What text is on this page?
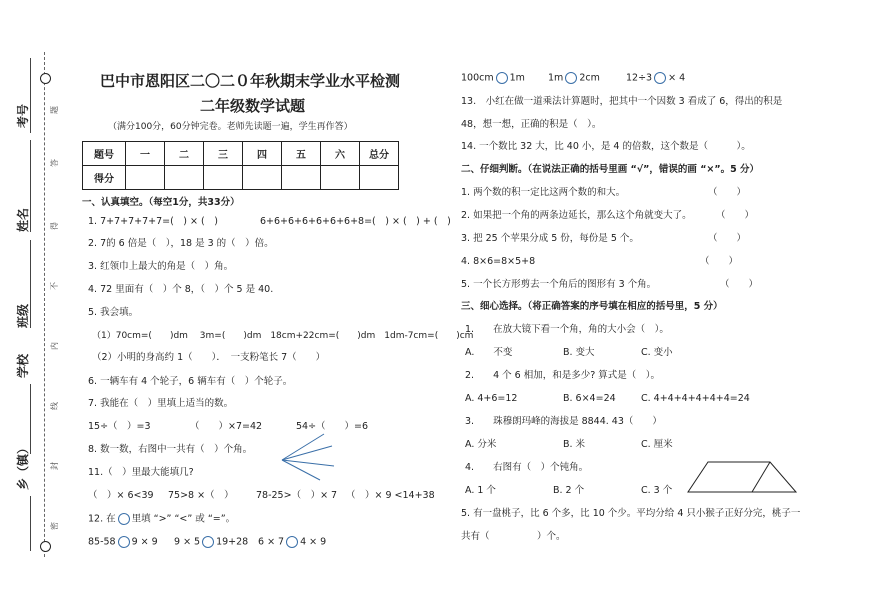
考号
姓名
班级
学校
乡（镇）
题
答
得
不
内
线
封
密
巴中市恩阳区二〇二０年秋期末学业水平检测
二年级数学试题
（满分100分，60分钟完卷。老师先读题一遍，学生再作答）
题号	一	二	三	四	五	六	总分
得分							
一、认真填空。（每空1分，共33分）
1. 7+7+7+7+7=(　) × (　)	6+6+6+6+6+6+6+8=(　) × (　) + (　)
2. 7的 6 倍是（　），18 是 3 的（　）倍。
3. 红领巾上最大的角是（　）角。
4. 72 里面有（　）个 8，（　）个 5 是 40.
5. 我会填。
（1）70cm=(　　)dm　 3m=(　　)dm　18cm+22cm=(　　)dm　1dm-7cm=(　　)cm
（2）小明的身高约 1（　　）．　一支粉笔长 7（　　）
6. 一辆车有 4 个轮子，6 辆车有（　）个轮子。
7. 我能在（　）里填上适当的数。
15÷（　）=3	（　　）×7=42	54÷（　　）=6
8. 数一数，右图中一共有（　）个角。
11.（　）里最大能填几?
（　）× 6<39 75>8 ×（　） 78-25>（　）× 7 （　）× 9 <14+38
12. 在 里填 “>” “<” 或 “=”。
85-58 9 × 9 9 × 5 19+28 6 × 7 4 × 9
100cm 1m 1m 2cm	12÷3 × 4
13.　小红在做一道乘法计算题时，把其中一个因数 3 看成了 6，得出的积是
48，想一想，正确的积是（　）。
14. 一个数比 32 大，比 40 小，是 4 的倍数，这个数是（　　　）。
二、仔细判断。（在说法正确的括号里画 “√”，错误的画 “×”。5 分）
1. 两个数的积一定比这两个数的和大。	（　　）
2. 如果把一个角的两条边延长，那么这个角就变大了。	（　　）
3. 把 25 个苹果分成 5 份，每份是 5 个。	（　　）
4. 8×6=8×5+8	（　　）
5. 一个长方形剪去一个角后的图形有 3 个角。	（　　）
三、细心选择。（将正确答案的序号填在相应的括号里，5 分）
1.　　在放大镜下看一个角，角的大小会（　）。
A.　　不变	B. 变大	C. 变小
2.　　4 个 6 相加，和是多少? 算式是（　）。
A. 4+6=12	B. 6×4=24	C. 4+4+4+4+4+4=24
3.　　珠穆朗玛峰的海拔是 8844. 43（　　）
A. 分米	B. 米	C. 厘米
4.　　右图有（　）个钝角。
A. 1 个	B. 2 个	C. 3 个
5. 有一盘桃子，比 6 个多，比 10 个少。平均分给 4 只小猴子正好分完，桃子一
共有（　　　　　）个。
